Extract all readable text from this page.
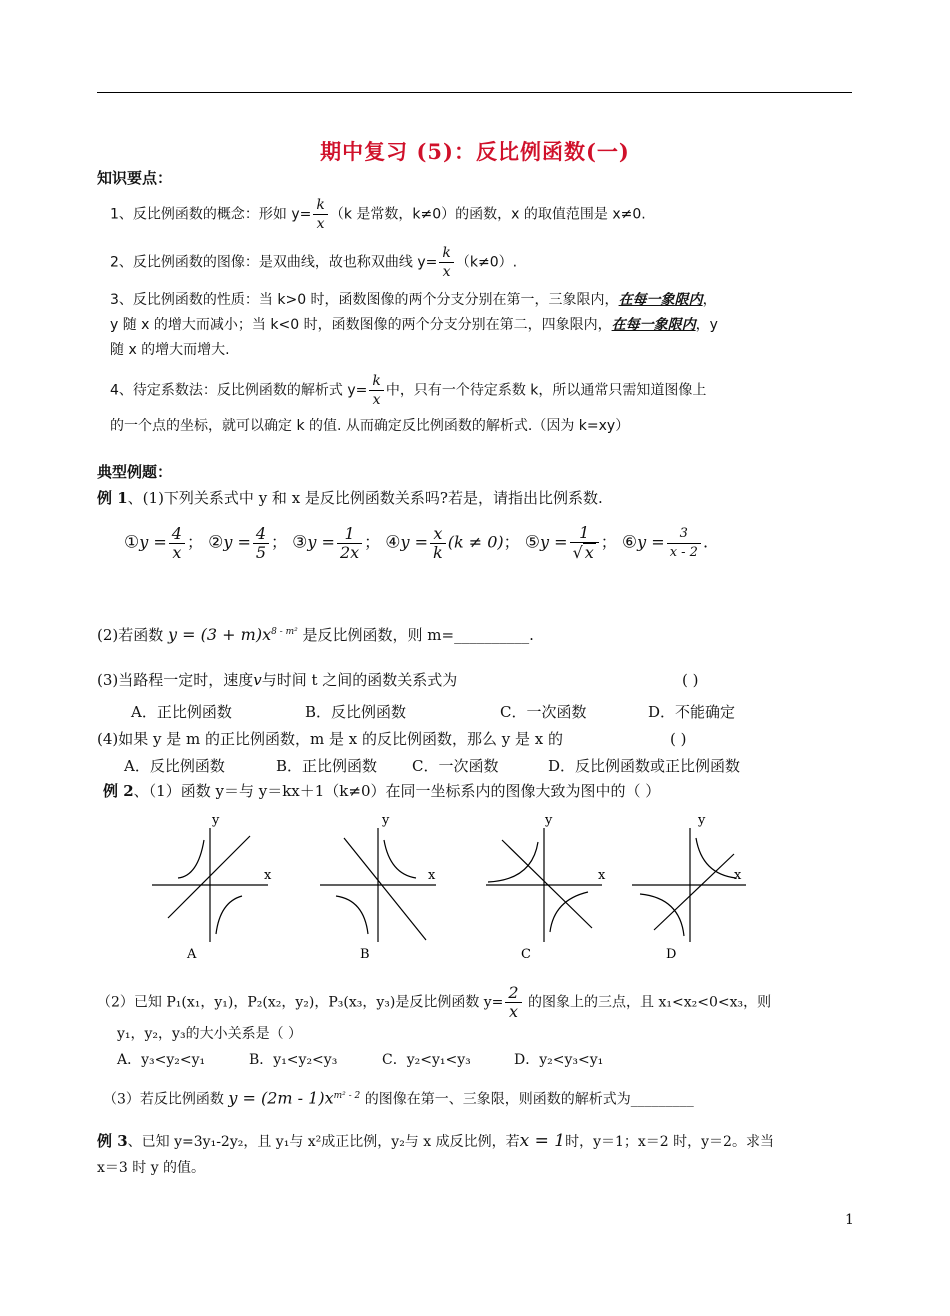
期中复习 (5)：反比例函数(一)
知识要点：
1、反比例函数的概念：形如 $y= \frac{k}{x} (k$ 是常数，k≠0）的函数，x 的取值范围是 x≠0.
2、反比例函数的图像：是双曲线，故也称双曲线 $y= \frac{k}{x} (k\ne 0)$.
3、反比例函数的性质：当 k>0 时，函数图像的两个分支分别在第一，三象限内，在每一象限内，
y 随 x 的增大而减小；当 k<0 时，函数图像的两个分支分别在第二，四象限内，在每一象限内，y
随 x 的增大而增大.
4、待定系数法：反比例函数的解析式 $y= \frac{k}{x}$ 中，只有一个待定系数 k，所以通常只需知道图像上
的一个点的坐标，就可以确定 k 的值. 从而确定反比例函数的解析式.（因为 k=xy）
典型例题：
例 1、(1)下列关系式中 y 和 x 是反比例函数关系吗?若是，请指出比例系数.
①y = $\frac{4}{x}$ ； ②y = $\frac{4}{5}$ ； ③y = $\frac{1}{2x}$ ； ④y = $\frac{x}{k} (k \ne 0)$； ⑤y = $\frac{1}{√ x}$ ； ⑥y = $\frac{3}{x - 2}$ .
(2)若函数 $y = (3 + m)x^{8 - m^2}$ 是反比例函数，则 m=__________.
(3)当路程一定时，速度v与时间 t 之间的函数关系式为	( )
A．正比例函数	B．反比例函数	C．一次函数	D．不能确定
(4)如果 y 是 m 的正比例函数，m 是 x 的反比例函数，那么 y 是 x 的	( )
A．反比例函数	B．正比例函数 C．一次函数	D．反比例函数或正比例函数
例 2、（1）函数 y＝与 y＝kx＋1（k≠0）在同一坐标系内的图像大致为图中的（ ）
y
x
A
y
x
B
y
x
C
y
x
D
（2）已知 P₁(x₁，y₁)，P₂(x₂，y₂)，P₃(x₃，y₃)是反比例函数 $y= \frac{2}{x}$ 的图象上的三点，且 x₁<x₂<0<x₃，则
y₁，y₂，y₃的大小关系是（ ）
A．y₃<y₂<y₁	B．y₁<y₂<y₃	C．y₂<y₁<y₃	D．y₂<y₃<y₁
（3）若反比例函数 $y = (2m - 1)x^{m^2 - 2}$ 的图像在第一、三象限，则函数的解析式为_________
例 3、已知 y=3y₁-2y₂，且 y₁与 x²成正比例，y₂与 x 成反比例，若x = 1时，y＝1；x＝2 时，y＝2。求当
x＝3 时 y 的值。
1
